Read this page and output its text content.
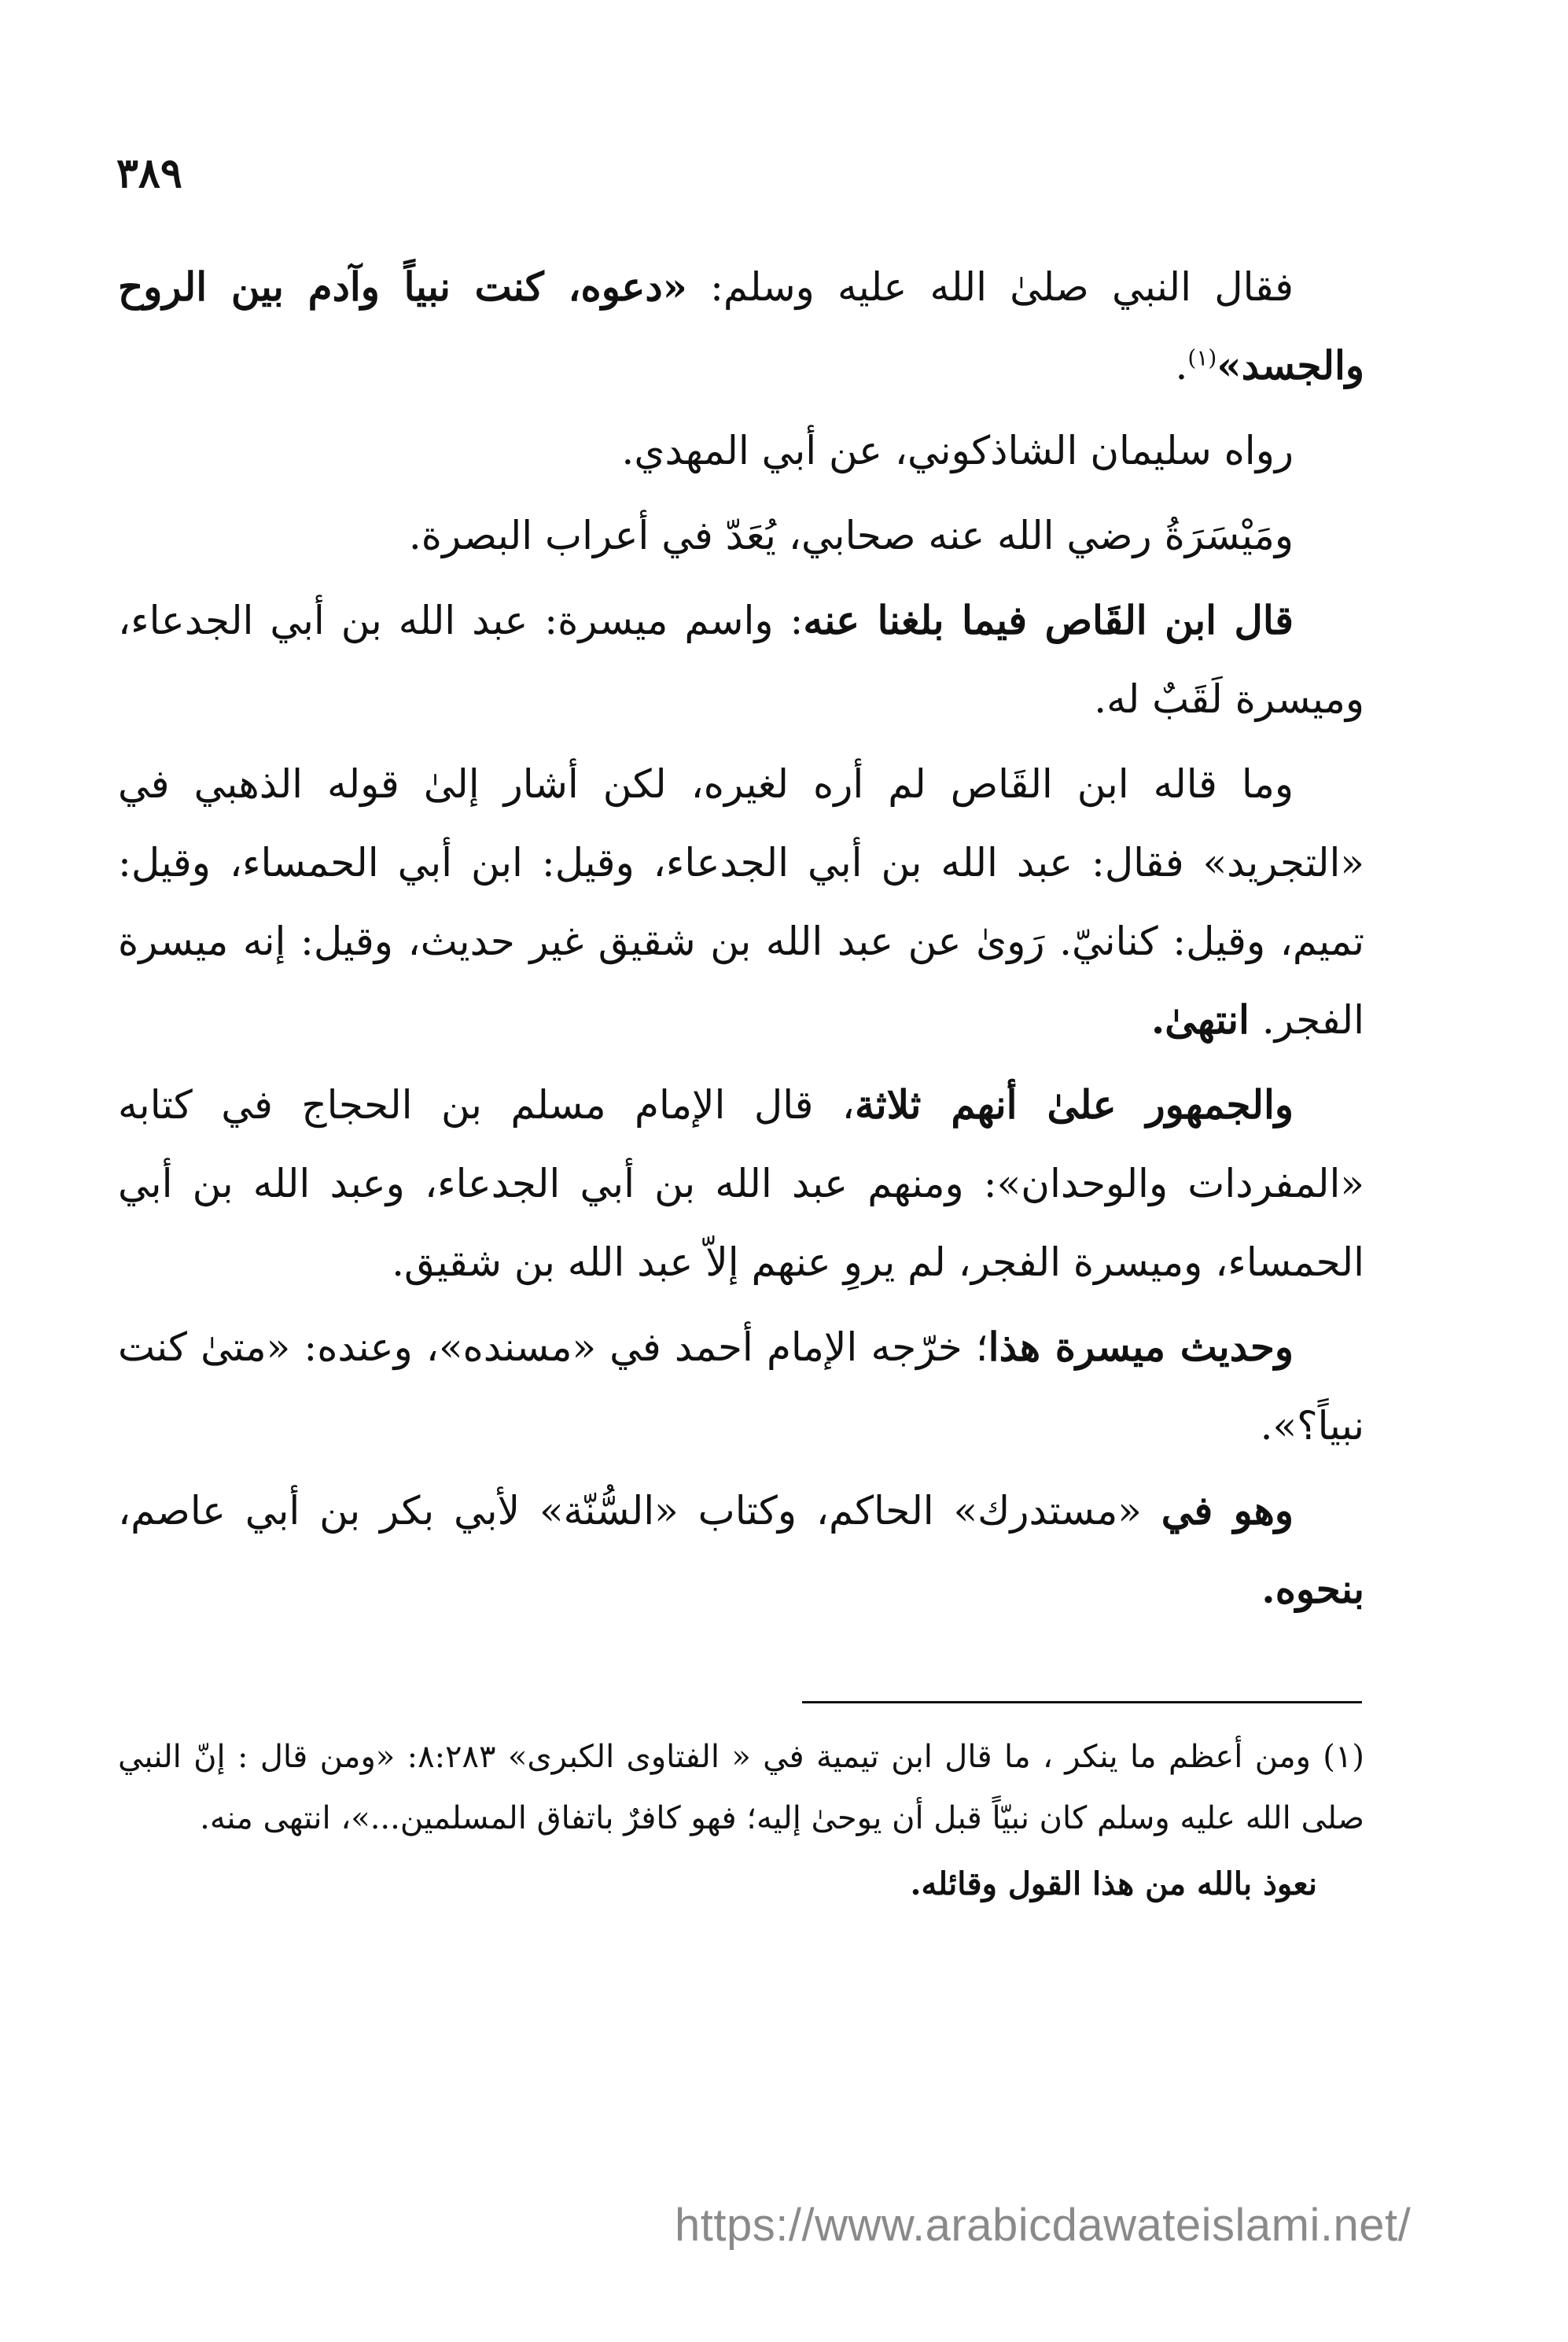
٣٨٩

فقال النبي صلىٰ الله عليه وسلم: «دعوه، كنت نبياً وآدم بين الروح والجسد»$^{(١)}$.

رواه سليمان الشاذكوني، عن أبي المهدي.

ومَيْسَرَةُ رضي الله عنه صحابي، يُعَدّ في أعراب البصرة.

قال ابن القَاص فيما بلغنا عنه: واسم ميسرة: عبد الله بن أبي الجدعاء، وميسرة لَقَبٌ له.

وما قاله ابن القَاص لم أره لغيره، لكن أشار إلىٰ قوله الذهبي في «التجريد» فقال: عبد الله بن أبي الجدعاء، وقيل: ابن أبي الحمساء، وقيل: تميم، وقيل: كنانيّ. رَوىٰ عن عبد الله بن شقيق غير حديث، وقيل: إنه ميسرة الفجر. انتهىٰ.

والجمهور علىٰ أنهم ثلاثة، قال الإمام مسلم بن الحجاج في كتابه «المفردات والوحدان»: ومنهم عبد الله بن أبي الجدعاء، وعبد الله بن أبي الحمساء، وميسرة الفجر، لم يروِ عنهم إلاّ عبد الله بن شقيق.

وحديث ميسرة هذا؛ خرّجه الإمام أحمد في «مسنده»، وعنده: «متىٰ كنت نبياً؟».

وهو في «مستدرك» الحاكم، وكتاب «السُّنّة» لأبي بكر بن أبي عاصم، بنحوه.

(١) ومن أعظم ما ينكر ، ما قال ابن تيمية في « الفتاوى الكبرى» ٨:٢٨٣: «ومن قال : إنّ النبي صلى الله عليه وسلم كان نبيّاً قبل أن يوحىٰ إليه؛ فهو كافرٌ باتفاق المسلمين...»، انتهى منه.

نعوذ بالله من هذا القول وقائله.

https://www.arabicdawateislami.net/
